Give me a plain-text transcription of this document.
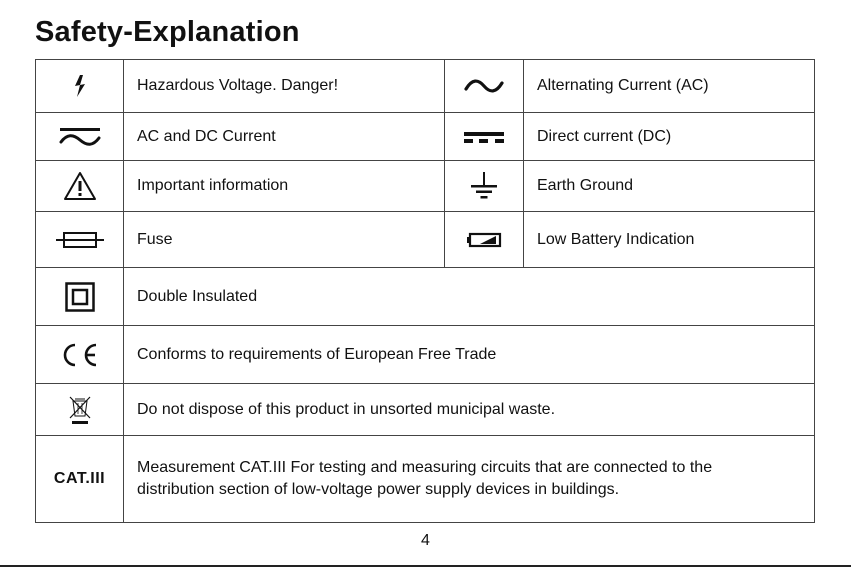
Safety-Explanation
	Hazardous Voltage. Danger!		Alternating Current (AC)

	AC and DC Current		Direct current (DC)

	Important information		Earth Ground

	Fuse		Low Battery Indication

	Double Insulated		

	Conforms to requirements of European Free Trade		

	Do not dispose of this product in unsorted municipal waste.		
CAT.III	Measurement CAT.III For testing and measuring circuits that are connected to the
distribution section of low-voltage power supply devices in buildings.		
4
